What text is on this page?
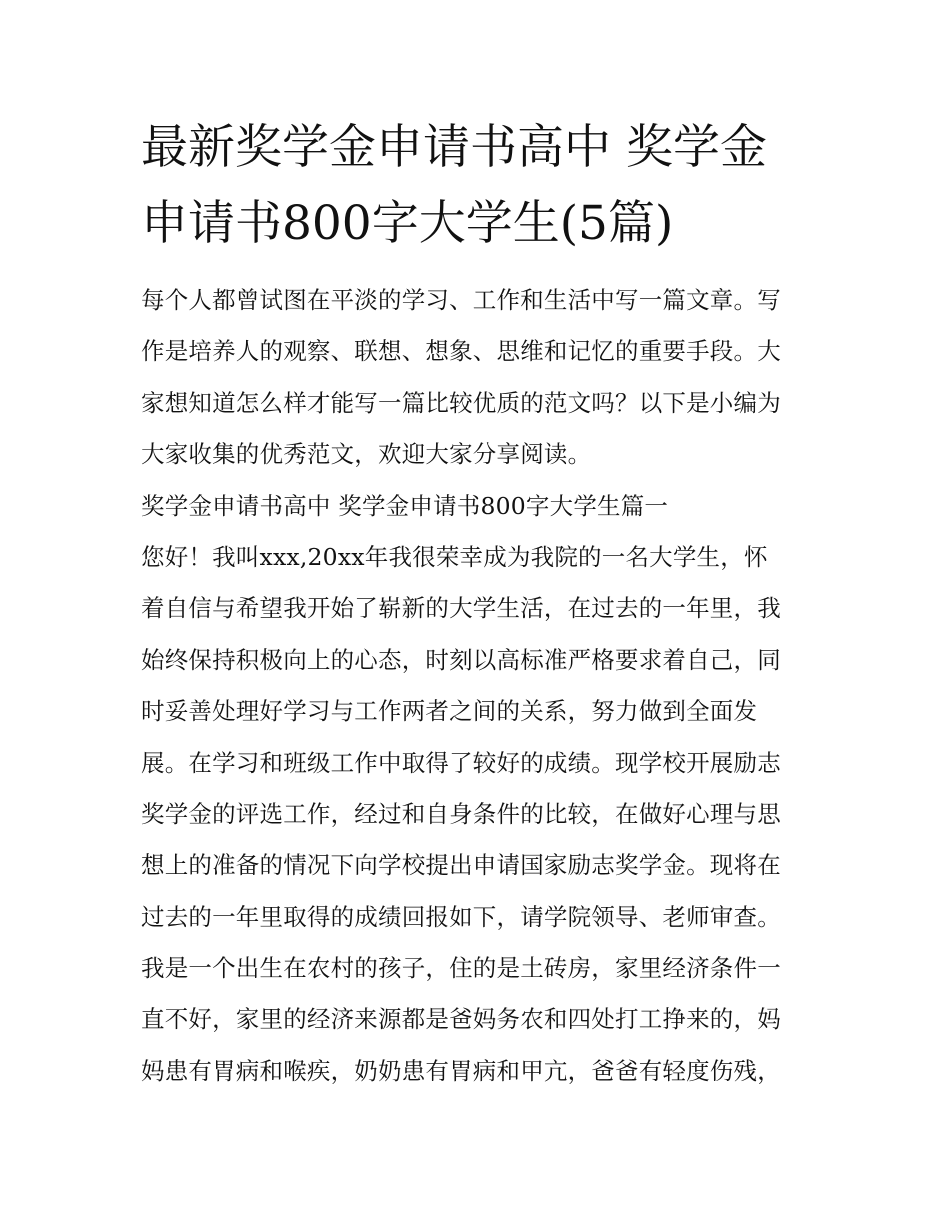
最新奖学金申请书高中 奖学金
申请书800字大学生(5篇)
每个人都曾试图在平淡的学习、工作和生活中写一篇文章。写
作是培养人的观察、联想、想象、思维和记忆的重要手段。大
家想知道怎么样才能写一篇比较优质的范文吗？以下是小编为
大家收集的优秀范文，欢迎大家分享阅读。
奖学金申请书高中 奖学金申请书800字大学生篇一
您好！我叫xxx,20xx年我很荣幸成为我院的一名大学生，怀
着自信与希望我开始了崭新的大学生活，在过去的一年里，我
始终保持积极向上的心态，时刻以高标准严格要求着自己，同
时妥善处理好学习与工作两者之间的关系，努力做到全面发
展。在学习和班级工作中取得了较好的成绩。现学校开展励志
奖学金的评选工作，经过和自身条件的比较，在做好心理与思
想上的准备的情况下向学校提出申请国家励志奖学金。现将在
过去的一年里取得的成绩回报如下，请学院领导、老师审查。
我是一个出生在农村的孩子，住的是土砖房，家里经济条件一
直不好，家里的经济来源都是爸妈务农和四处打工挣来的，妈
妈患有胃病和喉疾，奶奶患有胃病和甲亢，爸爸有轻度伤残，
